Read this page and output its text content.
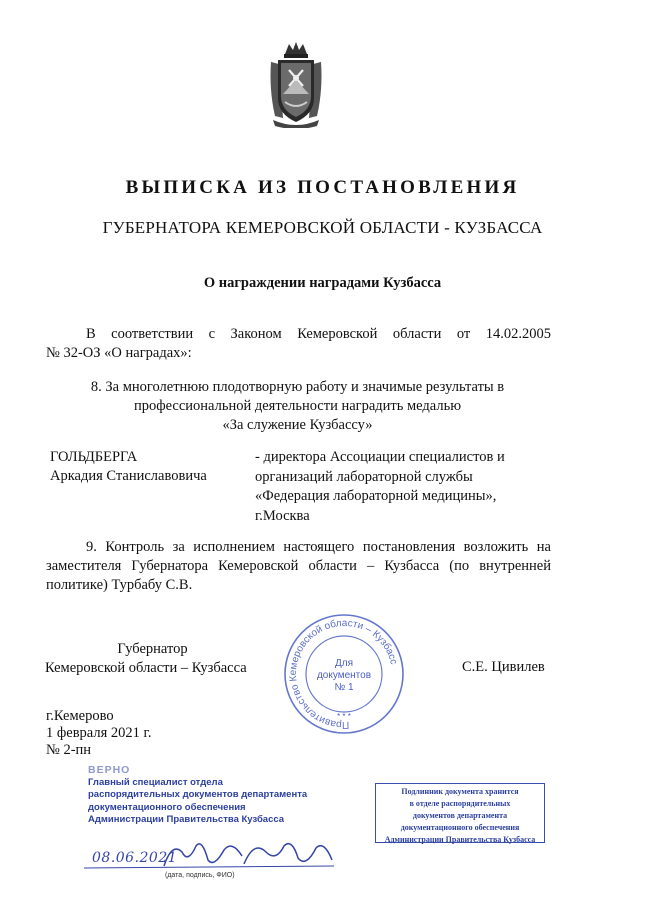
ВЫПИСКА ИЗ ПОСТАНОВЛЕНИЯ
ГУБЕРНАТОРА КЕМЕРОВСКОЙ ОБЛАСТИ - КУЗБАССА
О награждении наградами Кузбасса
В соответствии с Законом Кемеровской области от 14.02.2005
№ 32-ОЗ «О наградах»:
8. За многолетнюю плодотворную работу и значимые результаты в
профессиональной деятельности наградить медалью
«За служение Кузбассу»
ГОЛЬДБЕРГА
Аркадия Станиславовича
- директора Ассоциации специалистов и
организаций лабораторной службы
«Федерация лабораторной медицины»,
г.Москва
9. Контроль за исполнением настоящего постановления возложить на
заместителя Губернатора Кемеровской области – Кузбасса (по внутренней
политике) Турбабу С.В.
Губернатор
Кемеровской области – Кузбасса	С.Е. Цивилев
Правительство Кемеровской области – Кузбасс
Для
документов
№ 1
* * *
г.Кемерово
1 февраля 2021 г.
№ 2-пн
ВЕРНО
Главный специалист отдела
распорядительных документов департамента
документационного обеспечения
Администрации Правительства Кузбасса
Подлинник документа хранится
в отделе распорядительных
документов департамента
документационного обеспечения
Администрации Правительства Кузбасса
08.06.2021
(дата, подпись, ФИО)
